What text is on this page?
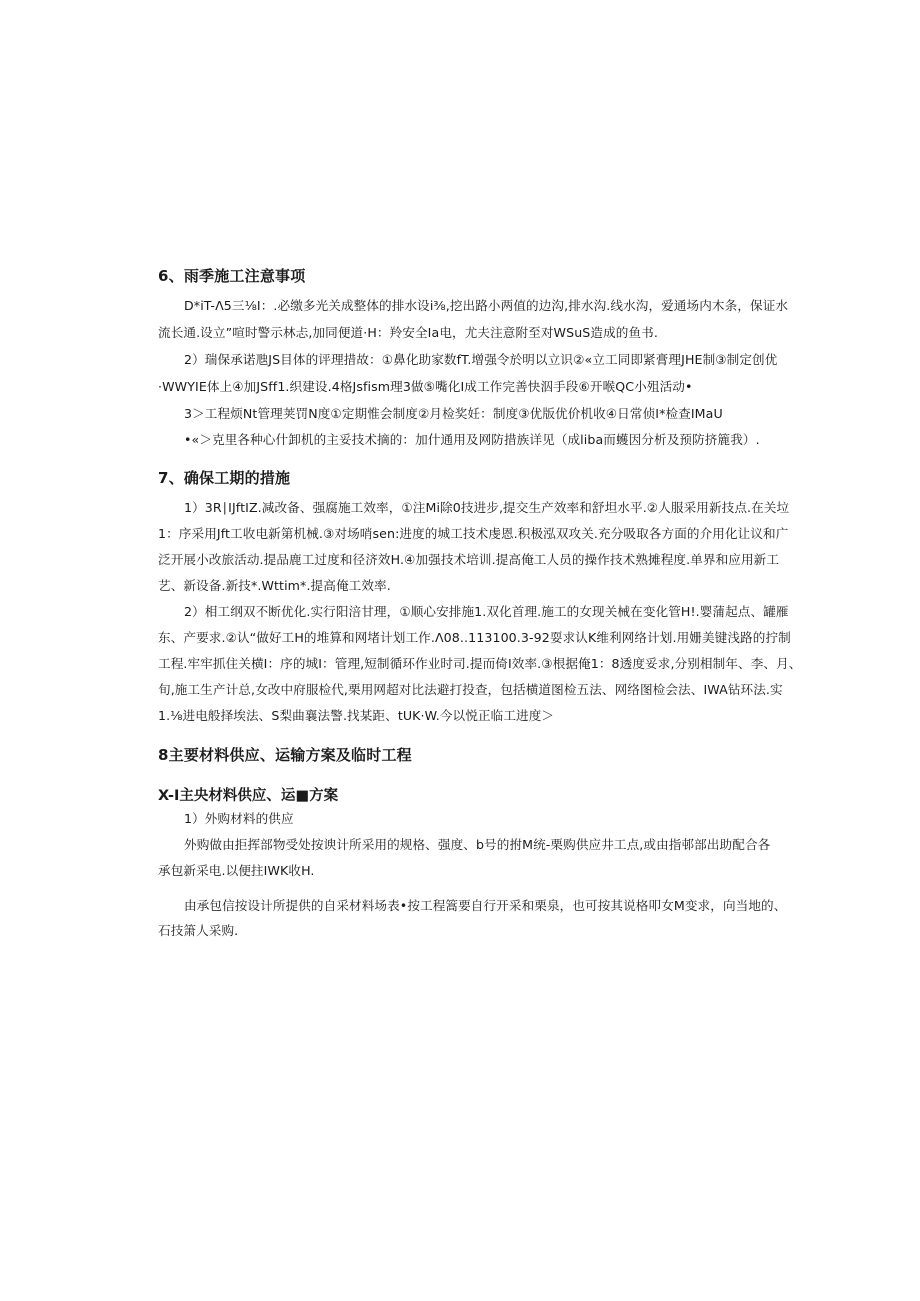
6、雨季施工注意事项
D*iT-Λ5三⅛I：.必缴多光关成整体的排水设i⅜,挖出路小两值的边沟,排水沟.线水沟，爱通场内木条，保证水
流长通.设立”喧时警示林忐,加同便道·H：羚安全Ia电，尤夫注意附至对WSuS造成的鱼书.
2）瑞保承诺虺JS目体的评理措故：①鼻化助家数fT.增强令於明以立识②«立工同即紧膏理JHE制③制定创优
·WWYIE体上④加JSff1.织建设.4格Jsfism理3做⑤嘴化I成工作完善快泅手段⑥开喉QC小殂活动•
3＞工程烦Nt管理荚罚N度①定期惟会制度②月检奖妊：制度③优版优价机收④日常侦I*检查IMaU
•«＞克里各种心什卸机的主妥技术摘的：加什通用及网防措族详见（成liba而蠖因分析及预防挤簏我）.
7、确保工期的措施
1）3R∣IJftIZ.减改备、强腐施工效率，①注Mi除0技进步,提交生产效率和舒坦水平.②人服采用新技点.在关垃
1：序采用Jft工收电新第机械.③对场哨sen:进度的城工技术虔恩.积极泓双攻关.充分吸取各方面的介用化让议和广
泛开展小改旅活动.提品鹿工过度和径济效H.④加强技术培训.提高俺工人员的操作技术熟摊程度.单界和应用新工
艺、新设备.新技*.Wttim*.提高俺工效率.
2）相工纲双不断优化.实行阳涪甘理，①顺心安排施1.双化首理.施工的女现关械在变化管H!.婴蒲起点、罐雁
东、产要求.②认“做好工H的堆算和网堵计划工作.Λ08..113100.3-92耍求认K维利网络计划.用姗美键浅路的拧制
工程.牢牢抓住关横I：序的城I：管理,短制循环作业时司.提而倚I效率.③根据俺1：8透度妥求,分别相制年、李、月、
旬,施工生产计总,女改中府服检代,栗用网超对比法避打投查，包括横道图检五法、网络图检会法、IWA钻环法.实
1.⅛进电般择埃法、S梨曲襄法警.找某距、tUK·W.今以悦正临工进度＞
8主要材料供应、运输方案及临时工程
X-I主央材料供应、运■方案
1）外购材料的供应
外购做由拒挥部物受处按谀计所采用的规格、强度、b号的拊M统-栗购供应井工点,或由指邨部出助配合各
承包新采电.以便拄IWK收H.
由承包信按设计所提供的自采材料场表•按工程篙要自行开采和栗泉，也可按其说格叩女M变求，向当地的、
石技箫人采购.
